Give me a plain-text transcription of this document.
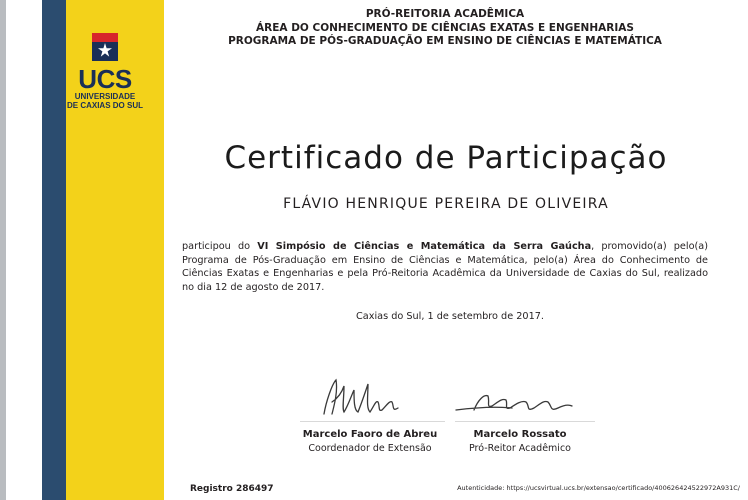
UCS
UNIVERSIDADE
DE CAXIAS DO SUL
PRÓ-REITORIA ACADÊMICA
ÁREA DO CONHECIMENTO DE CIÊNCIAS EXATAS E ENGENHARIAS
PROGRAMA DE PÓS-GRADUAÇÃO EM ENSINO DE CIÊNCIAS E MATEMÁTICA
Certificado de Participação
FLÁVIO HENRIQUE PEREIRA DE OLIVEIRA
participou do VI Simpósio de Ciências e Matemática da Serra Gaúcha, promovido(a) pelo(a) Programa de Pós-Graduação em Ensino de Ciências e Matemática, pelo(a) Área do Conhecimento de Ciências Exatas e Engenharias e pela Pró-Reitoria Acadêmica da Universidade de Caxias do Sul, realizado no dia 12 de agosto de 2017.
Caxias do Sul, 1 de setembro de 2017.
Marcelo Faoro de Abreu
Coordenador de Extensão
Marcelo Rossato
Pró-Reitor Acadêmico
Registro 286497	Autenticidade: https://ucsvirtual.ucs.br/extensao/certificado/400626424522972A931C/
